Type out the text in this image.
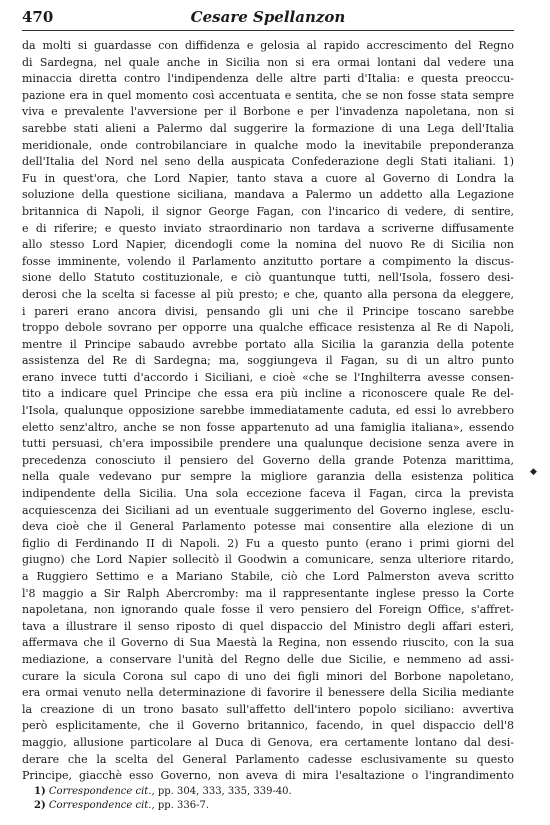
470	Cesare Spellanzon
da molti si guardasse con diffidenza e gelosia al rapido accrescimento del Regno
di Sardegna, nel quale anche in Sicilia non si era ormai lontani dal vedere una
minaccia diretta contro l'indipendenza delle altre parti d'Italia: e questa preoccu-
pazione era in quel momento così accentuata e sentita, che se non fosse stata sempre
viva e prevalente l'avversione per il Borbone e per l'invadenza napoletana, non si
sarebbe stati alieni a Palermo dal suggerire la formazione di una Lega dell'Italia
meridionale, onde controbilanciare in qualche modo la inevitabile preponderanza
dell'Italia del Nord nel seno della auspicata Confederazione degli Stati italiani. 1)
Fu in quest'ora, che Lord Napier, tanto stava a cuore al Governo di Londra la
soluzione della questione siciliana, mandava a Palermo un addetto alla Legazione
britannica di Napoli, il signor George Fagan, con l'incarico di vedere, di sentire,
e di riferire; e questo inviato straordinario non tardava a scriverne diffusamente
allo stesso Lord Napier, dicendogli come la nomina del nuovo Re di Sicilia non
fosse imminente, volendo il Parlamento anzitutto portare a compimento la discus-
sione dello Statuto costituzionale, e ciò quantunque tutti, nell'Isola, fossero desi-
derosi che la scelta si facesse al più presto; e che, quanto alla persona da eleggere,
i pareri erano ancora divisi, pensando gli uni che il Principe toscano sarebbe
troppo debole sovrano per opporre una qualche efficace resistenza al Re di Napoli,
mentre il Principe sabaudo avrebbe portato alla Sicilia la garanzia della potente
assistenza del Re di Sardegna; ma, soggiungeva il Fagan, su di un altro punto
erano invece tutti d'accordo i Siciliani, e cioè «che se l'Inghilterra avesse consen-
tito a indicare quel Principe che essa era più incline a riconoscere quale Re del-
l'Isola, qualunque opposizione sarebbe immediatamente caduta, ed essi lo avrebbero
eletto senz'altro, anche se non fosse appartenuto ad una famiglia italiana», essendo
tutti persuasi, ch'era impossibile prendere una qualunque decisione senza avere in
precedenza conosciuto il pensiero del Governo della grande Potenza marittima,
nella quale vedevano pur sempre la migliore garanzia della esistenza politica
indipendente della Sicilia. Una sola eccezione faceva il Fagan, circa la prevista
acquiescenza dei Siciliani ad un eventuale suggerimento del Governo inglese, esclu-
deva cioè che il General Parlamento potesse mai consentire alla elezione di un
figlio di Ferdinando II di Napoli. 2) Fu a questo punto (erano i primi giorni del
giugno) che Lord Napier sollecitò il Goodwin a comunicare, senza ulteriore ritardo,
a Ruggiero Settimo e a Mariano Stabile, ciò che Lord Palmerston aveva scritto
l'8 maggio a Sir Ralph Abercromby: ma il rappresentante inglese presso la Corte
napoletana, non ignorando quale fosse il vero pensiero del Foreign Office, s'affret-
tava a illustrare il senso riposto di quel dispaccio del Ministro degli affari esteri,
affermava che il Governo di Sua Maestà la Regina, non essendo riuscito, con la sua
mediazione, a conservare l'unità del Regno delle due Sicilie, e nemmeno ad assi-
curare la sicula Corona sul capo di uno dei figli minori del Borbone napoletano,
era ormai venuto nella determinazione di favorire il benessere della Sicilia mediante
la creazione di un trono basato sull'affetto dell'intero popolo siciliano: avvertiva
però esplicitamente, che il Governo britannico, facendo, in quel dispaccio dell'8
maggio, allusione particolare al Duca di Genova, era certamente lontano dal desi-
derare che la scelta del General Parlamento cadesse esclusivamente su questo
Principe, giacchè esso Governo, non aveva di mira l'esaltazione o l'ingrandimento
◆
1) Correspondence cit., pp. 304, 333, 335, 339-40.
2) Correspondence cit., pp. 336-7.
